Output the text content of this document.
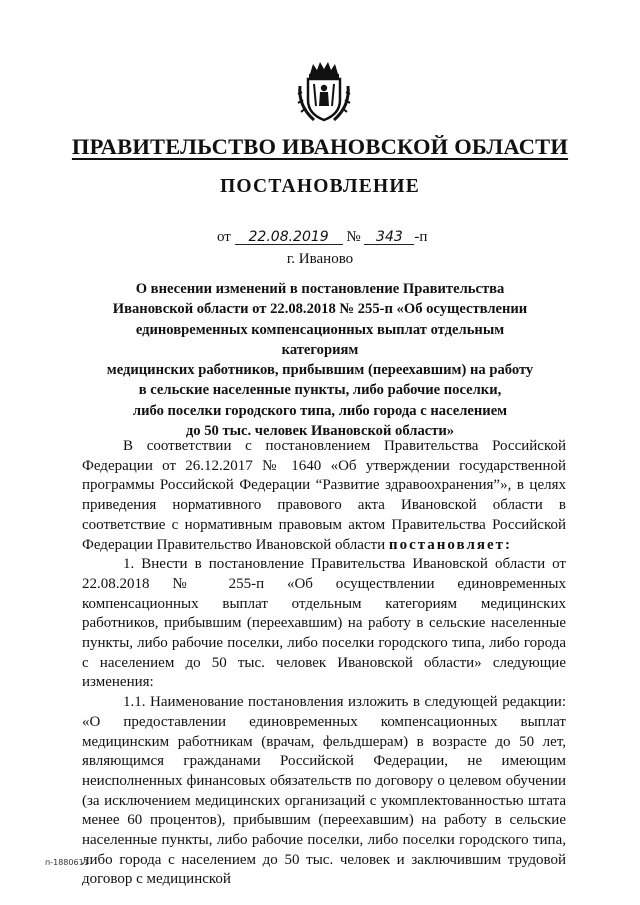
ПРАВИТЕЛЬСТВО ИВАНОВСКОЙ ОБЛАСТИ
ПОСТАНОВЛЕНИЕ
от 22.08.2019 № 343 -п
г. Иваново
О внесении изменений в постановление Правительства
Ивановской области от 22.08.2018 № 255-п «Об осуществлении
единовременных компенсационных выплат отдельным категориям
медицинских работников, прибывшим (переехавшим) на работу
в сельские населенные пункты, либо рабочие поселки,
либо поселки городского типа, либо города с населением
до 50 тыс. человек Ивановской области»

В соответствии с постановлением Правительства Российской Федерации от 26.12.2017 № 1640 «Об утверждении государственной программы Российской Федерации “Развитие здравоохранения”», в целях приведения нормативного правового акта Ивановской области в соответствие с нормативным правовым актом Правительства Российской Федерации Правительство Ивановской области постановляет:

1. Внести в постановление Правительства Ивановской области от 22.08.2018 № 255-п «Об осуществлении единовременных компенсационных выплат отдельным категориям медицинских работников, прибывшим (переехавшим) на работу в сельские населенные пункты, либо рабочие поселки, либо поселки городского типа, либо города с населением до 50 тыс. человек Ивановской области» следующие изменения:

1.1. Наименование постановления изложить в следующей редакции: «О предоставлении единовременных компенсационных выплат медицинским работникам (врачам, фельдшерам) в возрасте до 50 лет, являющимся гражданами Российской Федерации, не имеющим неисполненных финансовых обязательств по договору о целевом обучении (за исключением медицинских организаций с укомплектованностью штата менее 60 процентов), прибывшим (переехавшим) на работу в сельские населенные пункты, либо рабочие поселки, либо поселки городского типа, либо города с населением до 50 тыс. человек и заключившим трудовой договор с медицинской

п-1880611
